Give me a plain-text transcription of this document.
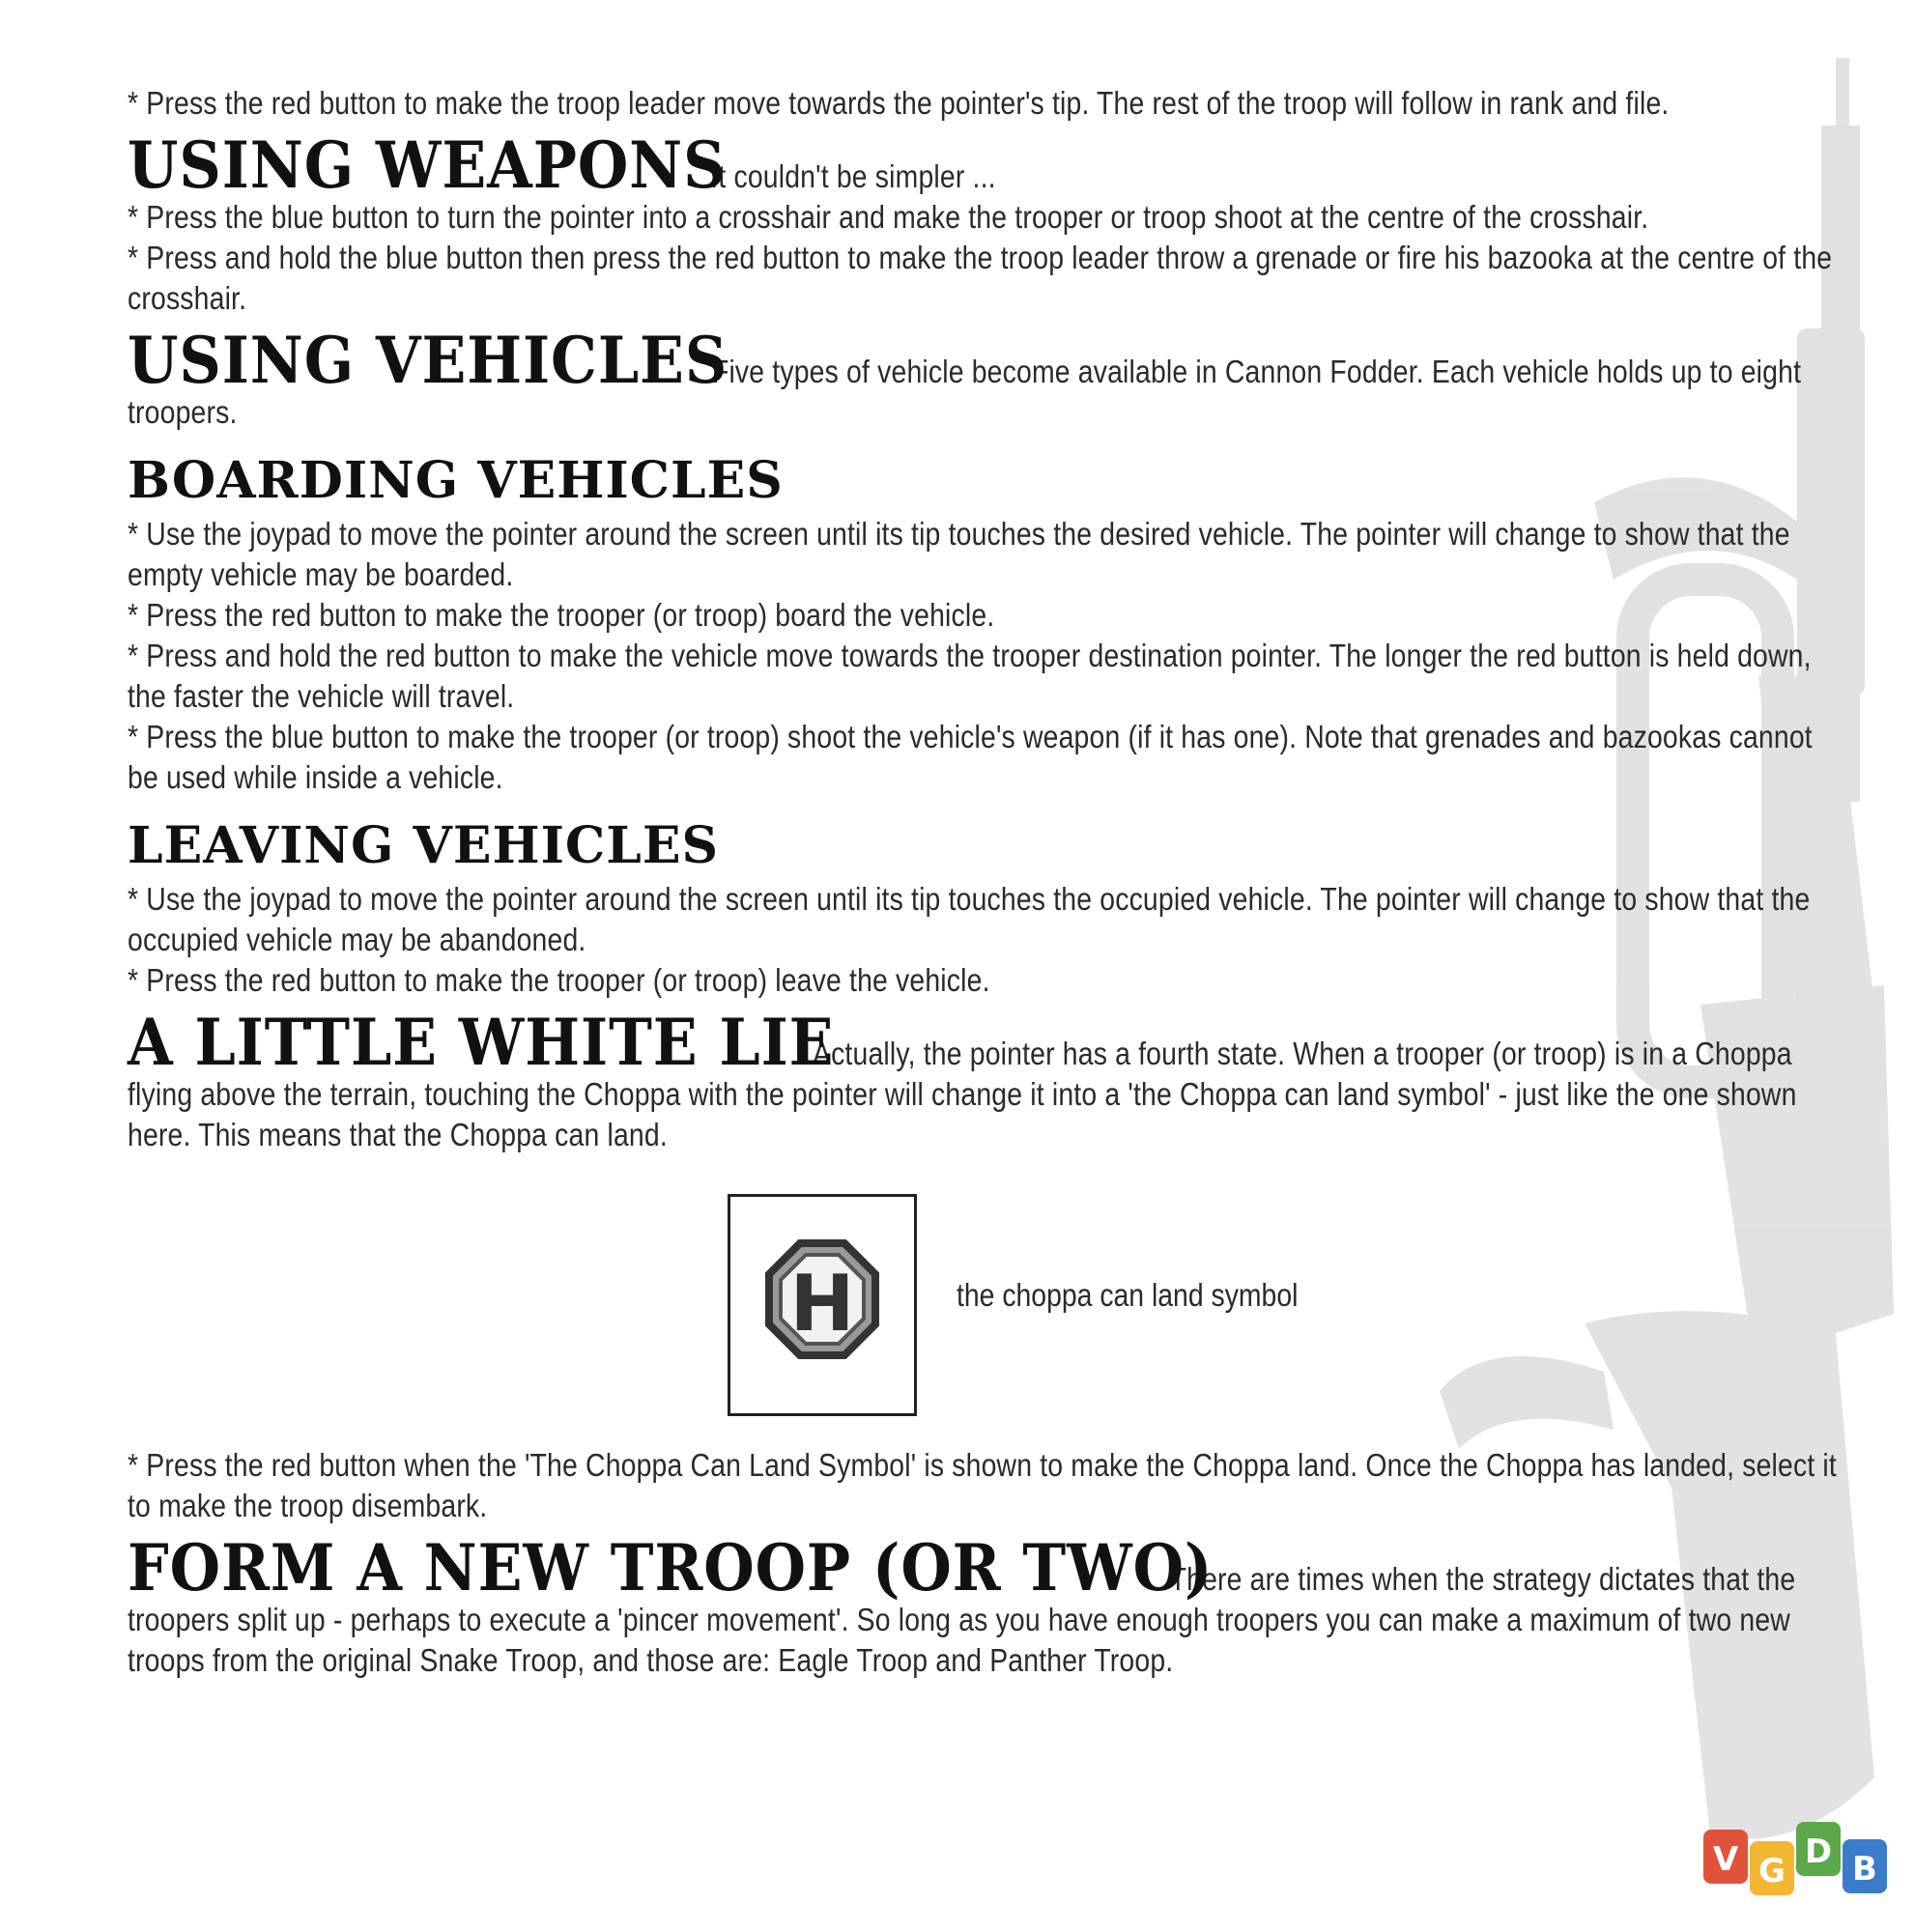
* Press the red button to make the troop leader move towards the pointer's tip. The rest of the troop will follow in rank and file.

USING WEAPONSIt couldn't be simpler ...

* Press the blue button to turn the pointer into a crosshair and make the trooper or troop shoot at the centre of the crosshair.

* Press and hold the blue button then press the red button to make the troop leader throw a grenade or fire his bazooka at the centre of the crosshair.

USING VEHICLESFive types of vehicle become available in Cannon Fodder. Each vehicle holds up to eight troopers.

BOARDING VEHICLES

* Use the joypad to move the pointer around the screen until its tip touches the desired vehicle. The pointer will change to show that the empty vehicle may be boarded.

* Press the red button to make the trooper (or troop) board the vehicle.

* Press and hold the red button to make the vehicle move towards the trooper destination pointer. The longer the red button is held down, the faster the vehicle will travel.

* Press the blue button to make the trooper (or troop) shoot the vehicle's weapon (if it has one). Note that grenades and bazookas cannot be used while inside a vehicle.

LEAVING VEHICLES

* Use the joypad to move the pointer around the screen until its tip touches the occupied vehicle. The pointer will change to show that the occupied vehicle may be abandoned.

* Press the red button to make the trooper (or troop) leave the vehicle.

A LITTLE WHITE LIEActually, the pointer has a fourth state. When a trooper (or troop) is in a Choppa flying above the terrain, touching the Choppa with the pointer will change it into a 'the Choppa can land symbol' - just like the one shown here. This means that the Choppa can land.

H	the choppa can land symbol

* Press the red button when the 'The Choppa Can Land Symbol' is shown to make the Choppa land. Once the Choppa has landed, select it to make the troop disembark.

FORM A NEW TROOP (OR TWO)There are times when the strategy dictates that the troopers split up - perhaps to execute a 'pincer movement'. So long as you have enough troopers you can make a maximum of two new troops from the original Snake Troop, and those are: Eagle Troop and Panther Troop.

V G D B
